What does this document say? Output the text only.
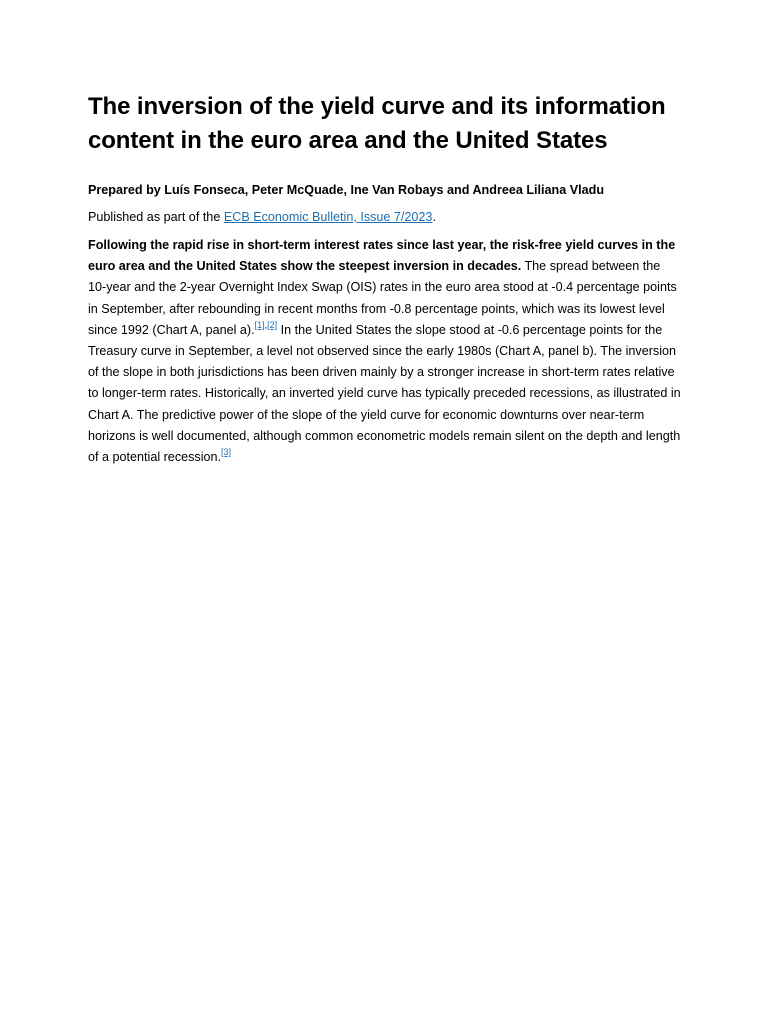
The inversion of the yield curve and its information content in the euro area and the United States

Prepared by Luís Fonseca, Peter McQuade, Ine Van Robays and Andreea Liliana Vladu

Published as part of the ECB Economic Bulletin, Issue 7/2023.

Following the rapid rise in short-term interest rates since last year, the risk-free yield curves in the euro area and the United States show the steepest inversion in decades. The spread between the 10-year and the 2-year Overnight Index Swap (OIS) rates in the euro area stood at -0.4 percentage points in September, after rebounding in recent months from -0.8 percentage points, which was its lowest level since 1992 (Chart A, panel a).[1],[2] In the United States the slope stood at -0.6 percentage points for the Treasury curve in September, a level not observed since the early 1980s (Chart A, panel b). The inversion of the slope in both jurisdictions has been driven mainly by a stronger increase in short-term rates relative to longer-term rates. Historically, an inverted yield curve has typically preceded recessions, as illustrated in Chart A. The predictive power of the slope of the yield curve for economic downturns over near-term horizons is well documented, although common econometric models remain silent on the depth and length of a potential recession.[3]
